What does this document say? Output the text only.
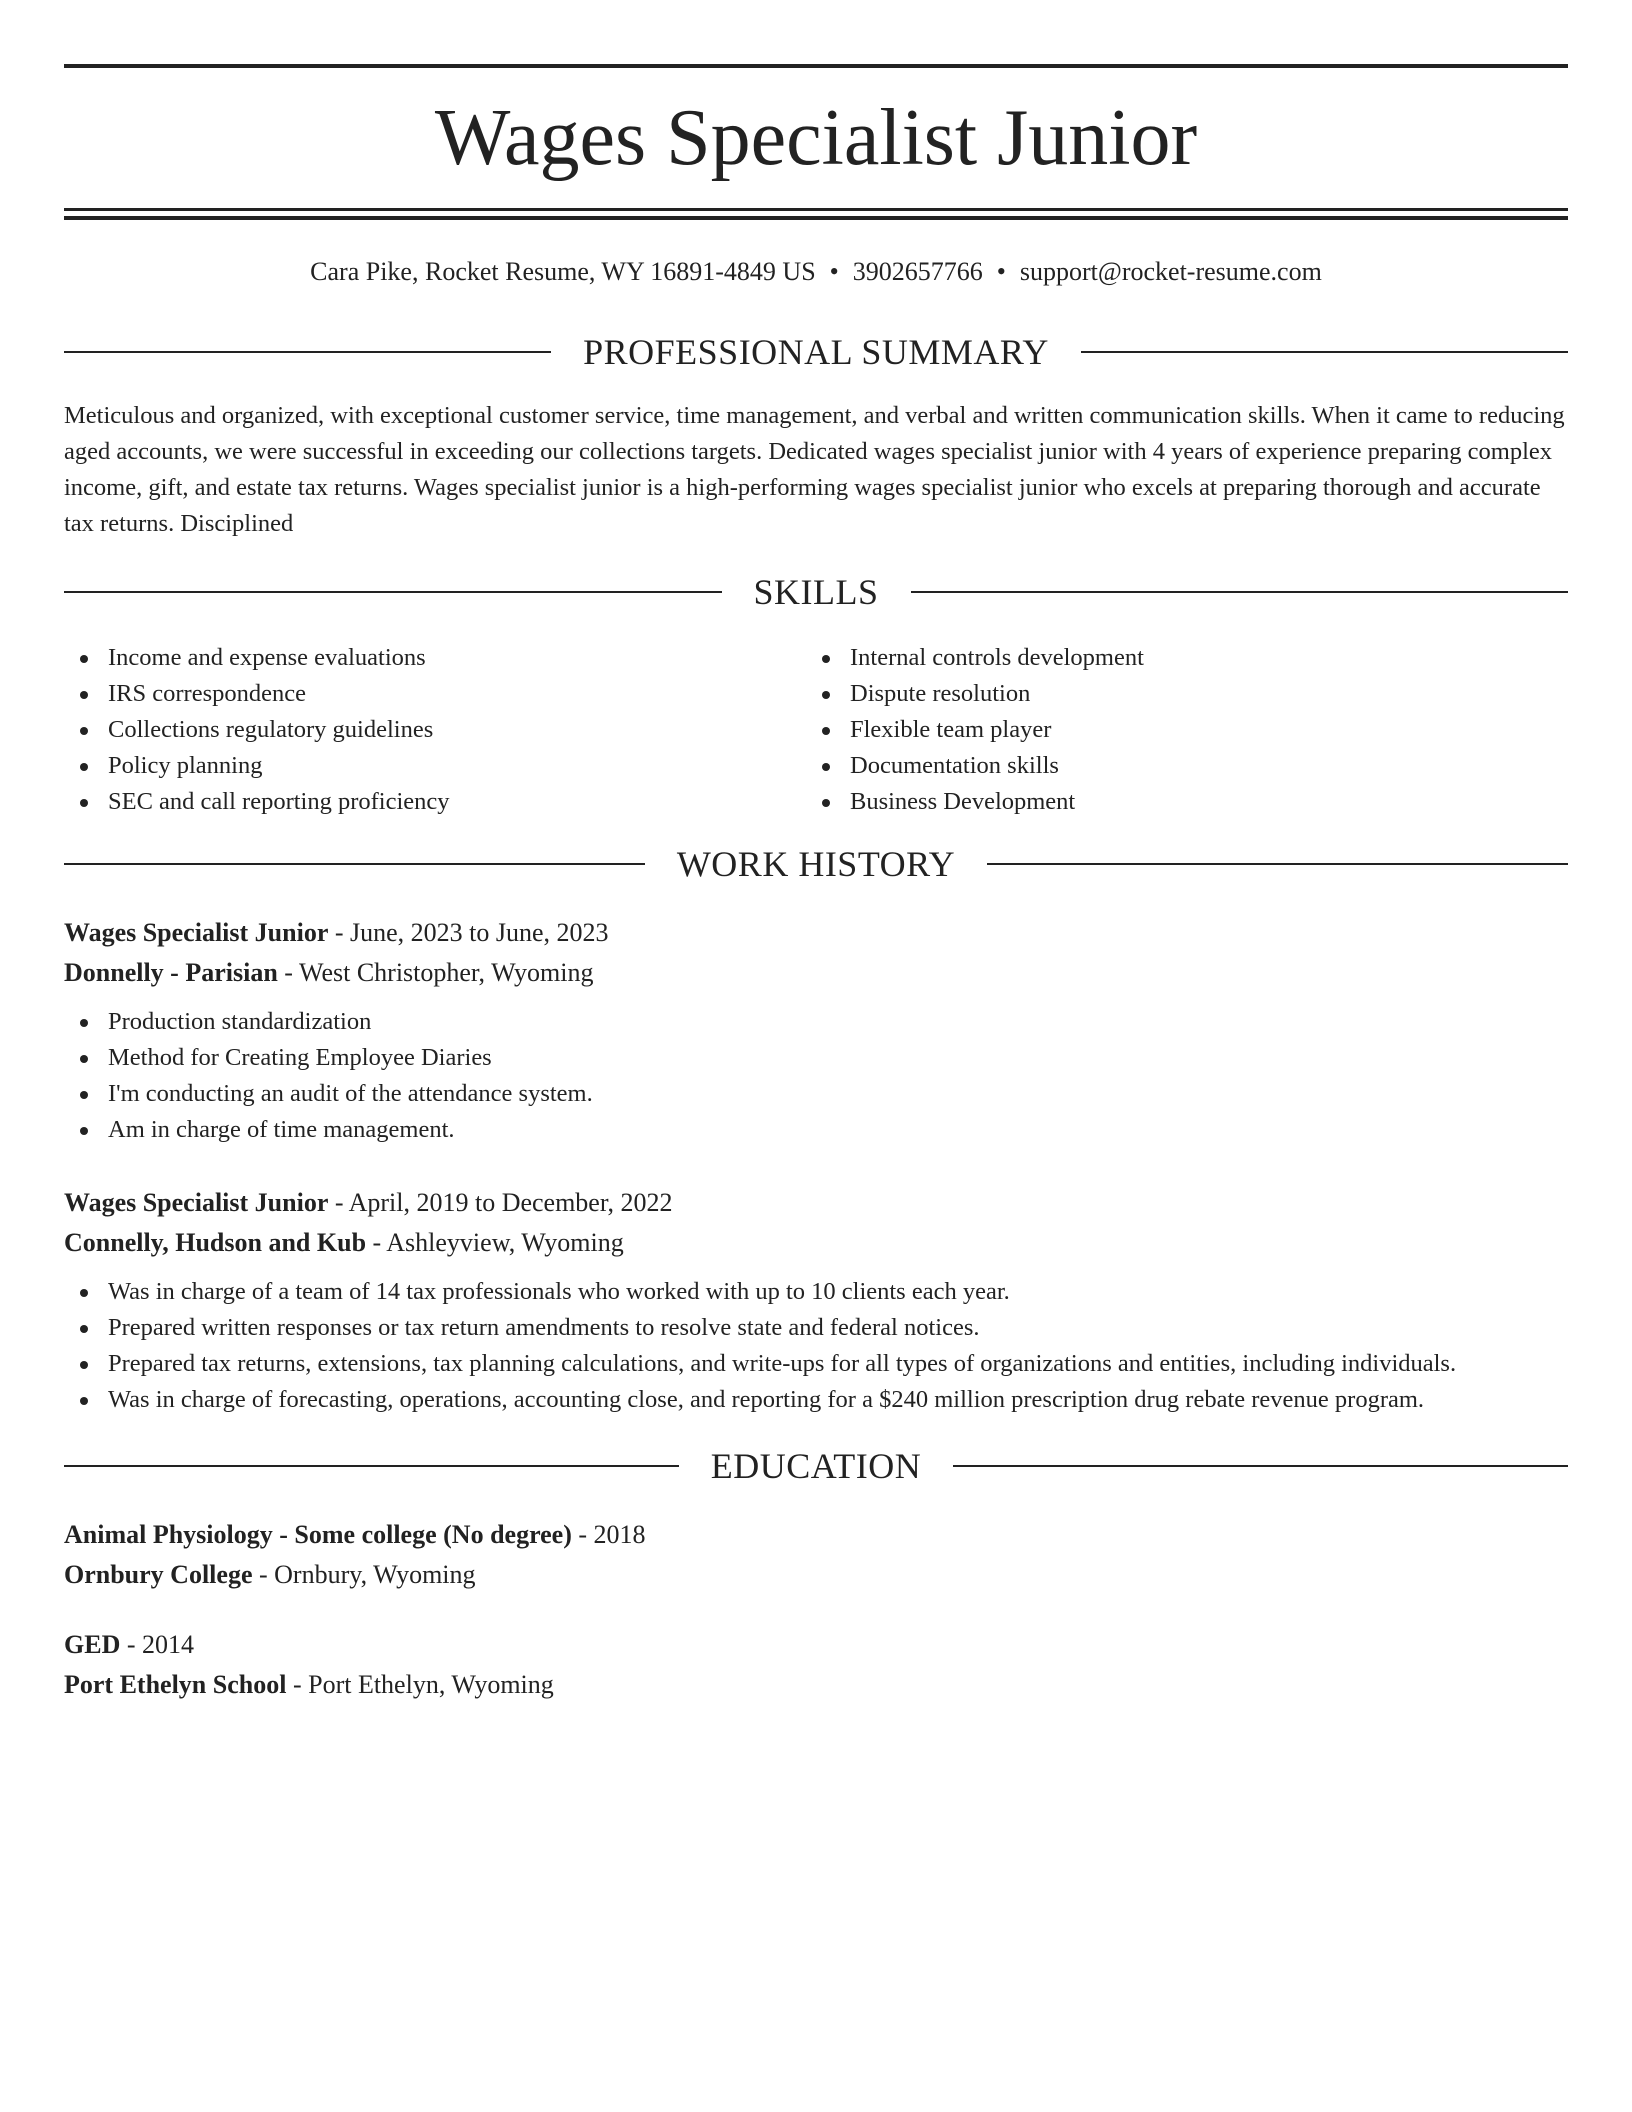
Wages Specialist Junior
Cara Pike, Rocket Resume, WY 16891-4849 US • 3902657766 • support@rocket-resume.com
PROFESSIONAL SUMMARY

Meticulous and organized, with exceptional customer service, time management, and verbal and written communication skills. When it came to reducing aged accounts, we were successful in exceeding our collections targets. Dedicated wages specialist junior with 4 years of experience preparing complex income, gift, and estate tax returns. Wages specialist junior is a high-performing wages specialist junior who excels at preparing thorough and accurate tax returns. Disciplined

SKILLS
Income and expense evaluations
IRS correspondence
Collections regulatory guidelines
Policy planning
SEC and call reporting proficiency
Internal controls development
Dispute resolution
Flexible team player
Documentation skills
Business Development
WORK HISTORY
Wages Specialist Junior - June, 2023 to June, 2023
Donnelly - Parisian - West Christopher, Wyoming
Production standardization
Method for Creating Employee Diaries
I'm conducting an audit of the attendance system.
Am in charge of time management.
Wages Specialist Junior - April, 2019 to December, 2022
Connelly, Hudson and Kub - Ashleyview, Wyoming
Was in charge of a team of 14 tax professionals who worked with up to 10 clients each year.
Prepared written responses or tax return amendments to resolve state and federal notices.
Prepared tax returns, extensions, tax planning calculations, and write-ups for all types of organizations and entities, including individuals.
Was in charge of forecasting, operations, accounting close, and reporting for a $240 million prescription drug rebate revenue program.
EDUCATION
Animal Physiology - Some college (No degree) - 2018
Ornbury College - Ornbury, Wyoming
GED - 2014
Port Ethelyn School - Port Ethelyn, Wyoming
